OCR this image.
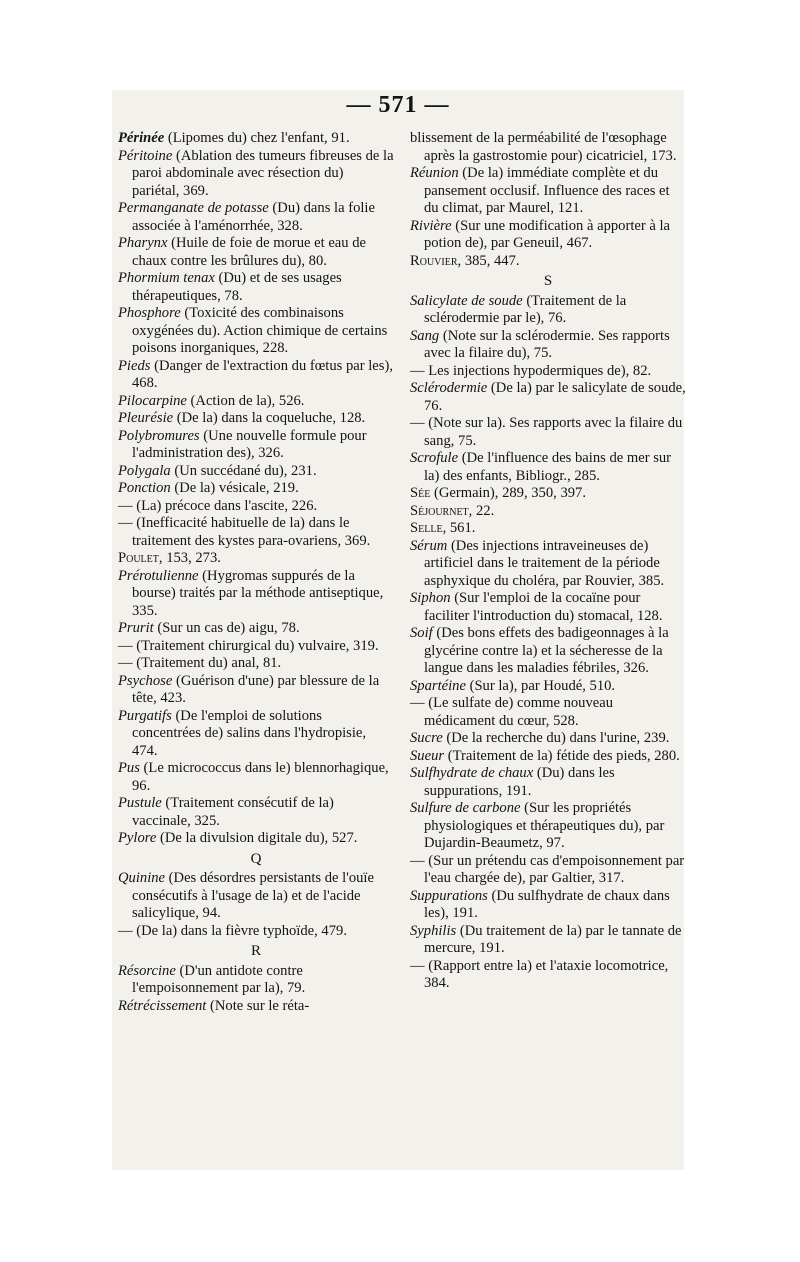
— 571 —

Périnée (Lipomes du) chez l'enfant, 91.

Péritoine (Ablation des tumeurs fibreuses de la paroi abdominale avec résection du) pariétal, 369.

Permanganate de potasse (Du) dans la folie associée à l'aménorrhée, 328.

Pharynx (Huile de foie de morue et eau de chaux contre les brûlures du), 80.

Phormium tenax (Du) et de ses usages thérapeutiques, 78.

Phosphore (Toxicité des combinaisons oxygénées du). Action chimique de certains poisons inorganiques, 228.

Pieds (Danger de l'extraction du fœtus par les), 468.

Pilocarpine (Action de la), 526.

Pleurésie (De la) dans la coqueluche, 128.

Polybromures (Une nouvelle formule pour l'administration des), 326.

Polygala (Un succédané du), 231.

Ponction (De la) vésicale, 219.

— (La) précoce dans l'ascite, 226.

— (Inefficacité habituelle de la) dans le traitement des kystes para-ovariens, 369.

Poulet, 153, 273.

Prérotulienne (Hygromas suppurés de la bourse) traités par la méthode antiseptique, 335.

Prurit (Sur un cas de) aigu, 78.

— (Traitement chirurgical du) vulvaire, 319.

— (Traitement du) anal, 81.

Psychose (Guérison d'une) par blessure de la tête, 423.

Purgatifs (De l'emploi de solutions concentrées de) salins dans l'hydropisie, 474.

Pus (Le micrococcus dans le) blennorhagique, 96.

Pustule (Traitement consécutif de la) vaccinale, 325.

Pylore (De la divulsion digitale du), 527.

Q

Quinine (Des désordres persistants de l'ouïe consécutifs à l'usage de la) et de l'acide salicylique, 94.

— (De la) dans la fièvre typhoïde, 479.

R

Résorcine (D'un antidote contre l'empoisonnement par la), 79.

Rétrécissement (Note sur le réta-

blissement de la perméabilité de l'œsophage après la gastrostomie pour) cicatriciel, 173.

Réunion (De la) immédiate complète et du pansement occlusif. Influence des races et du climat, par Maurel, 121.

Rivière (Sur une modification à apporter à la potion de), par Geneuil, 467.

Rouvier, 385, 447.

S

Salicylate de soude (Traitement de la sclérodermie par le), 76.

Sang (Note sur la sclérodermie. Ses rapports avec la filaire du), 75.

— Les injections hypodermiques de), 82.

Sclérodermie (De la) par le salicylate de soude, 76.

— (Note sur la). Ses rapports avec la filaire du sang, 75.

Scrofule (De l'influence des bains de mer sur la) des enfants, Bibliogr., 285.

Sée (Germain), 289, 350, 397.

Séjournet, 22.

Selle, 561.

Sérum (Des injections intraveineuses de) artificiel dans le traitement de la période asphyxique du choléra, par Rouvier, 385.

Siphon (Sur l'emploi de la cocaïne pour faciliter l'introduction du) stomacal, 128.

Soif (Des bons effets des badigeonnages à la glycérine contre la) et la sécheresse de la langue dans les maladies fébriles, 326.

Spartéine (Sur la), par Houdé, 510.

— (Le sulfate de) comme nouveau médicament du cœur, 528.

Sucre (De la recherche du) dans l'urine, 239.

Sueur (Traitement de la) fétide des pieds, 280.

Sulfhydrate de chaux (Du) dans les suppurations, 191.

Sulfure de carbone (Sur les propriétés physiologiques et thérapeutiques du), par Dujardin-Beaumetz, 97.

— (Sur un prétendu cas d'empoisonnement par l'eau chargée de), par Galtier, 317.

Suppurations (Du sulfhydrate de chaux dans les), 191.

Syphilis (Du traitement de la) par le tannate de mercure, 191.

— (Rapport entre la) et l'ataxie locomotrice, 384.
